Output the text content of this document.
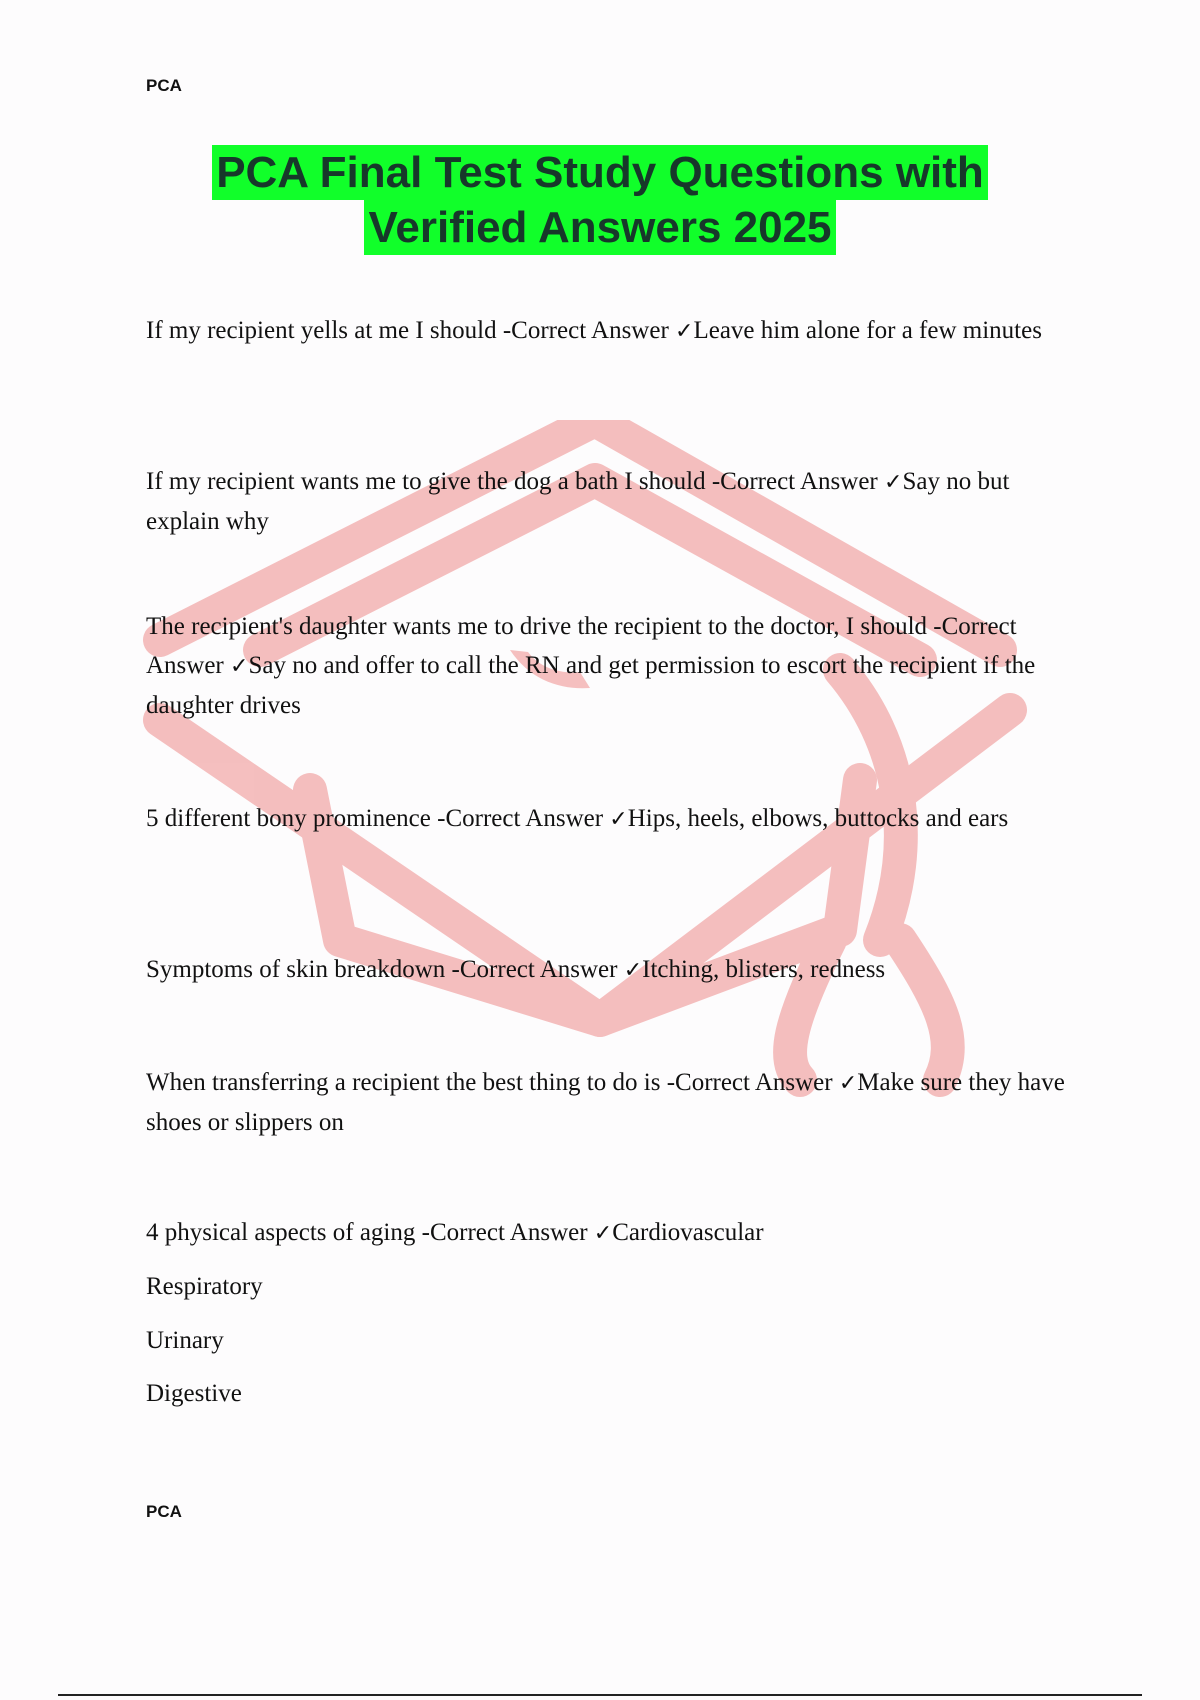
PCA
PCA Final Test Study Questions with
Verified Answers 2025
If my recipient yells at me I should -Correct Answer ✓Leave him alone for a few minutes
If my recipient wants me to give the dog a bath I should -Correct Answer ✓Say no but explain why
The recipient's daughter wants me to drive the recipient to the doctor, I should -Correct Answer ✓Say no and offer to call the RN and get permission to escort the recipient if the daughter drives
5 different bony prominence -Correct Answer ✓Hips, heels, elbows, buttocks and ears
Symptoms of skin breakdown -Correct Answer ✓Itching, blisters, redness
When transferring a recipient the best thing to do is -Correct Answer ✓Make sure they have shoes or slippers on
4 physical aspects of aging -Correct Answer ✓Cardiovascular
Respiratory
Urinary
Digestive
PCA
